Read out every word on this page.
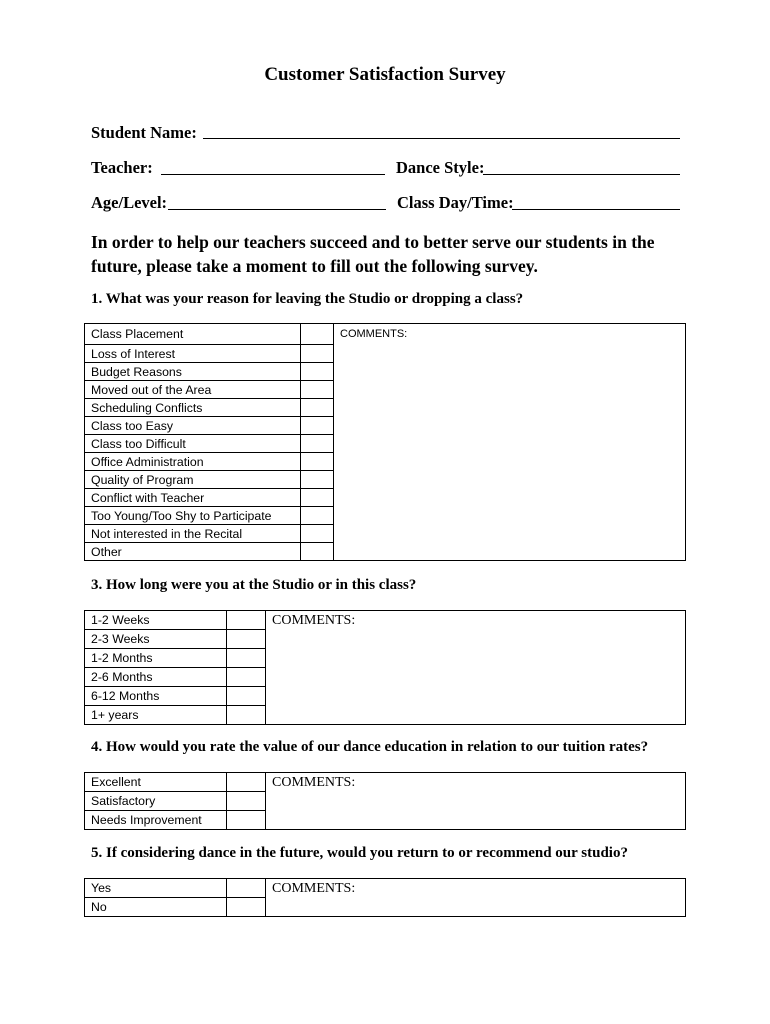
Customer Satisfaction Survey
Student Name:
Teacher:	Dance Style:
Age/Level:	Class Day/Time:
In order to help our teachers succeed and to better serve our students in the future, please take a moment to fill out the following survey.
1. What was your reason for leaving the Studio or dropping a class?
Class Placement		COMMENTS:
Loss of Interest		
Budget Reasons		
Moved out of the Area		
Scheduling Conflicts		
Class too Easy		
Class too Difficult		
Office Administration		
Quality of Program		
Conflict with Teacher		
Too Young/Too Shy to Participate		
Not interested in the Recital		
Other		
3. How long were you at the Studio or in this class?
1-2 Weeks		COMMENTS:
2-3 Weeks		
1-2 Months		
2-6 Months		
6-12 Months		
1+ years		
4. How would you rate the value of our dance education in relation to our tuition rates?
Excellent		COMMENTS:
Satisfactory		
Needs Improvement		
5. If considering dance in the future, would you return to or recommend our studio?
Yes		COMMENTS:
No		
